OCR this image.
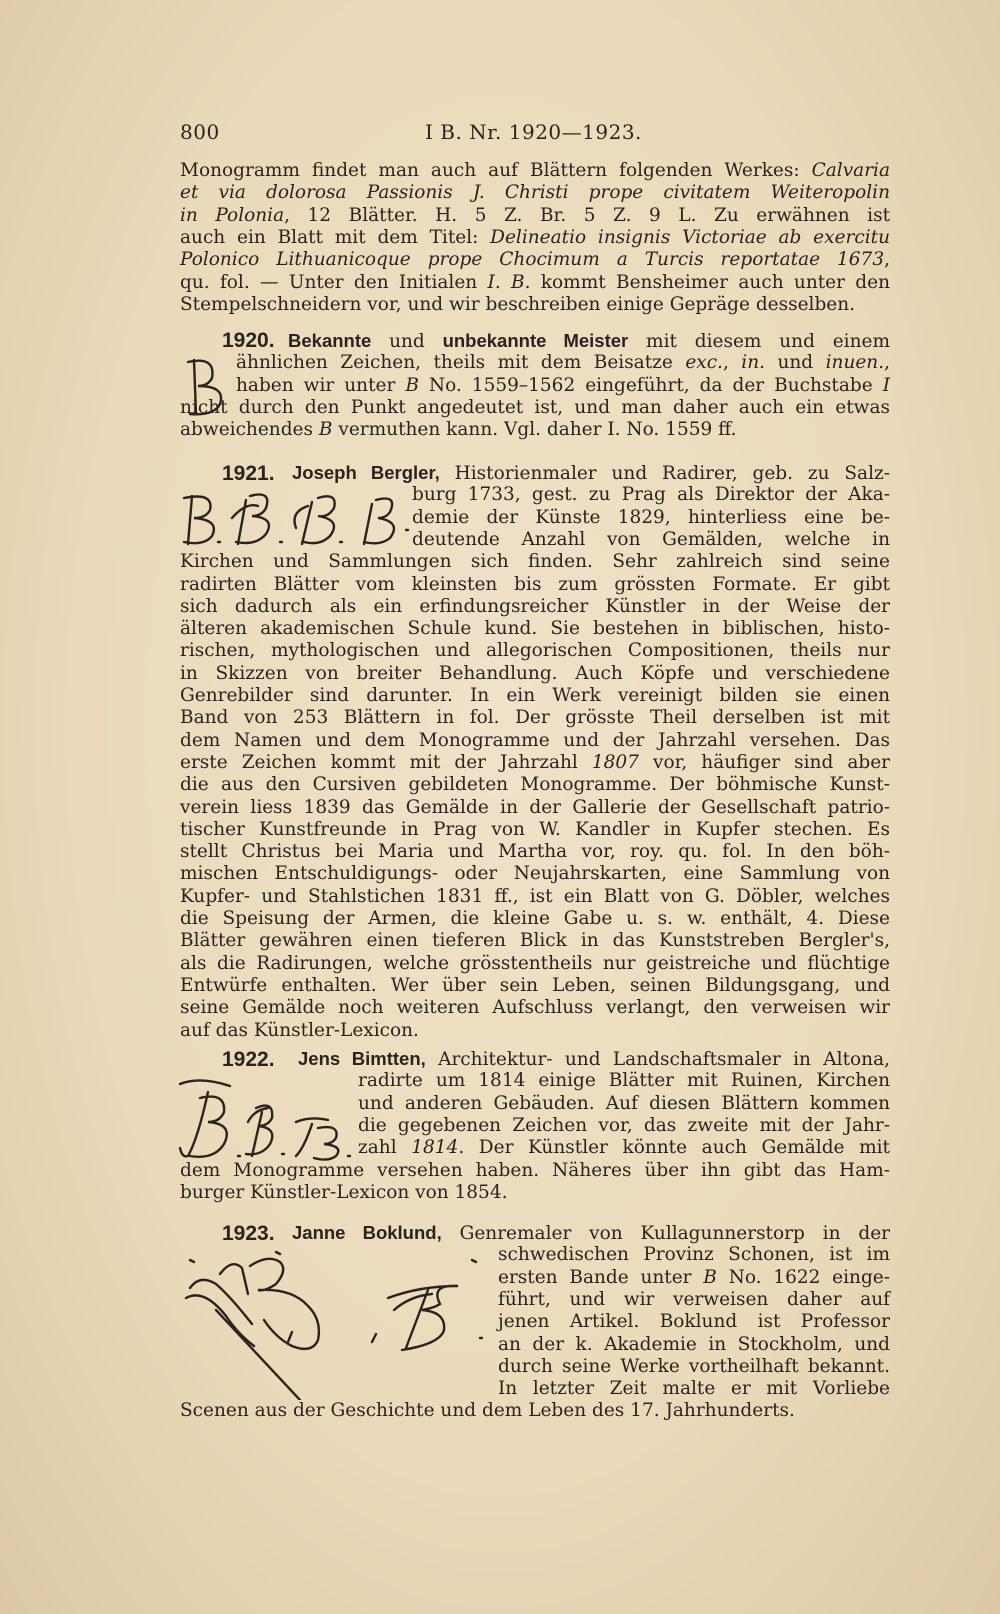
800	I B. Nr. 1920—1923.
Monogramm findet man auch auf Blättern folgenden Werkes: Calvaria
et via dolorosa Passionis J. Christi prope civitatem Weiteropolin
in Polonia, 12 Blätter. H. 5 Z. Br. 5 Z. 9 L. Zu erwähnen ist
auch ein Blatt mit dem Titel: Delineatio insignis Victoriae ab exercitu
Polonico Lithuanicoque prope Chocimum a Turcis reportatae 1673,
qu. fol. — Unter den Initialen I. B. kommt Bensheimer auch unter den
Stempelschneidern vor, und wir beschreiben einige Gepräge desselben.
1920. Bekannte und unbekannte Meister mit diesem und einem
ähnlichen Zeichen, theils mit dem Beisatze exc., in. und inuen.,
haben wir unter B No. 1559–1562 eingeführt, da der Buchstabe I
nicht durch den Punkt angedeutet ist, und man daher auch ein etwas
abweichendes B vermuthen kann. Vgl. daher I. No. 1559 ff.
1921. Joseph Bergler, Historienmaler und Radirer, geb. zu Salz-
burg 1733, gest. zu Prag als Direktor der Aka-
demie der Künste 1829, hinterliess eine be-
deutende Anzahl von Gemälden, welche in
Kirchen und Sammlungen sich finden. Sehr zahlreich sind seine
radirten Blätter vom kleinsten bis zum grössten Formate. Er gibt
sich dadurch als ein erfindungsreicher Künstler in der Weise der
älteren akademischen Schule kund. Sie bestehen in biblischen, histo-
rischen, mythologischen und allegorischen Compositionen, theils nur
in Skizzen von breiter Behandlung. Auch Köpfe und verschiedene
Genrebilder sind darunter. In ein Werk vereinigt bilden sie einen
Band von 253 Blättern in fol. Der grösste Theil derselben ist mit
dem Namen und dem Monogramme und der Jahrzahl versehen. Das
erste Zeichen kommt mit der Jahrzahl 1807 vor, häufiger sind aber
die aus den Cursiven gebildeten Monogramme. Der böhmische Kunst-
verein liess 1839 das Gemälde in der Gallerie der Gesellschaft patrio-
tischer Kunstfreunde in Prag von W. Kandler in Kupfer stechen. Es
stellt Christus bei Maria und Martha vor, roy. qu. fol. In den böh-
mischen Entschuldigungs- oder Neujahrskarten, eine Sammlung von
Kupfer- und Stahlstichen 1831 ff., ist ein Blatt von G. Döbler, welches
die Speisung der Armen, die kleine Gabe u. s. w. enthält, 4. Diese
Blätter gewähren einen tieferen Blick in das Kunststreben Bergler's,
als die Radirungen, welche grösstentheils nur geistreiche und flüchtige
Entwürfe enthalten. Wer über sein Leben, seinen Bildungsgang, und
seine Gemälde noch weiteren Aufschluss verlangt, den verweisen wir
auf das Künstler-Lexicon.
1922. Jens Bimtten, Architektur- und Landschaftsmaler in Altona,
radirte um 1814 einige Blätter mit Ruinen, Kirchen
und anderen Gebäuden. Auf diesen Blättern kommen
die gegebenen Zeichen vor, das zweite mit der Jahr-
zahl 1814. Der Künstler könnte auch Gemälde mit
dem Monogramme versehen haben. Näheres über ihn gibt das Ham-
burger Künstler-Lexicon von 1854.
1923. Janne Boklund, Genremaler von Kullagunnerstorp in der
schwedischen Provinz Schonen, ist im
ersten Bande unter B No. 1622 einge-
führt, und wir verweisen daher auf
jenen Artikel. Boklund ist Professor
an der k. Akademie in Stockholm, und
durch seine Werke vortheilhaft bekannt.
In letzter Zeit malte er mit Vorliebe
Scenen aus der Geschichte und dem Leben des 17. Jahrhunderts.
